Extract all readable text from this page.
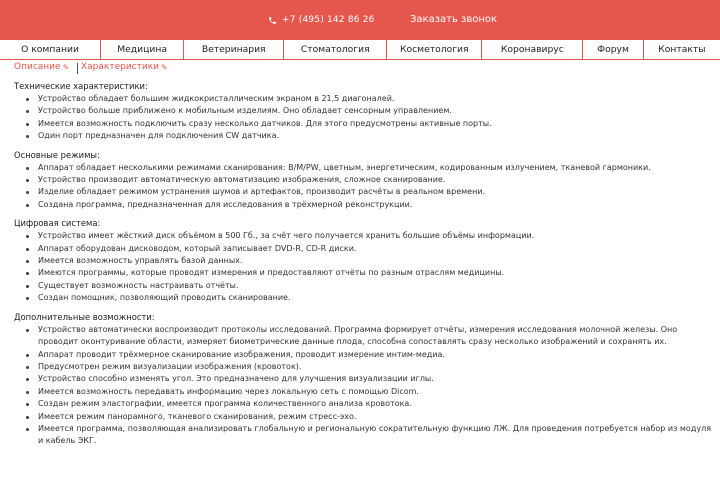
+7 (495) 142 86 26	Заказать звонок
О компании	Медицина	Ветеринария	Стоматология	Косметология	Коронавирус	Форум	Контакты
Описание ✎ Характеристики ✎

Технические характеристики:

Устройство обладает большим жидкокристаллическим экраном в 21,5 диагоналей.
Устройство больше приближено к мобильным изделиям. Оно обладает сенсорным управлением.
Имеется возможность подключить сразу несколько датчиков. Для этого предусмотрены активные порты.
Один порт предназначен для подключения CW датчика.

Основные режимы:

Аппарат обладает несколькими режимами сканирования: B/M/PW, цветным, энергетическим, кодированным излучением, тканевой гармоники.
Устройство производит автоматическую автоматизацию изображения, сложное сканирование.
Изделие обладает режимом устранения шумов и артефактов, производит расчёты в реальном времени.
Создана программа, предназначенная для исследования в трёхмерной реконструкции.

Цифровая система:

Устройство имеет жёсткий диск объёмом в 500 Гб., за счёт чего получается хранить большие объёмы информации.
Аппарат оборудован дисководом, который записывает DVD-R, CD-R диски.
Имеется возможность управлять базой данных.
Имеются программы, которые проводят измерения и предоставляют отчёты по разным отраслям медицины.
Существует возможность настраивать отчёты.
Создан помощник, позволяющий проводить сканирование.

Дополнительные возможности:

Устройство автоматически воспроизводит протоколы исследований. Программа формирует отчёты, измерения исследования молочной железы. Оно проводит оконтуривание области, измеряет биометрические данные плода, способна сопоставлять сразу несколько изображений и сохранять их.
Аппарат проводит трёхмерное сканирование изображения, проводит измерение интим-медиа.
Предусмотрен режим визуализации изображения (кровоток).
Устройство способно изменять угол. Это предназначено для улучшения визуализации иглы.
Имеется возможность передавать информацию через локальную сеть с помощью Dicom.
Создан режим эластографии, имеется программа количественного анализа кровотока.
Имеется режим панорамного, тканевого сканирования, режим стресс-эхо.
Имеется программа, позволяющая анализировать глобальную и региональную сократительную функцию ЛЖ. Для проведения потребуется набор из модуля и кабель ЭКГ.
